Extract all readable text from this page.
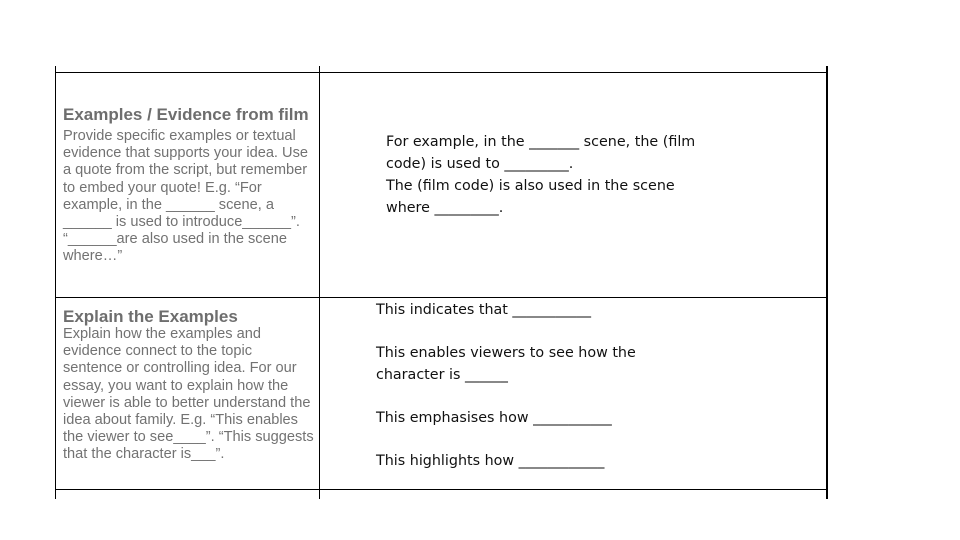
Examples / Evidence from film

Provide specific examples or textual evidence that supports your idea. Use a quote from the script, but remember to embed your quote! E.g. “For example, in the ______ scene, a ______ is used to introduce______”. “______are also used in the scene where…”

For example, in the _______ scene, the (film
code) is used to _________.
The (film code) is also used in the scene
where _________.

Explain the Examples

Explain how the examples and evidence connect to the topic sentence or controlling idea. For our essay, you want to explain how the viewer is able to better understand the idea about family. E.g. “This enables the viewer to see____”. “This suggests that the character is___”.

This indicates that ___________
This enables viewers to see how the
character is ______
This emphasises how ___________
This highlights how ____________
